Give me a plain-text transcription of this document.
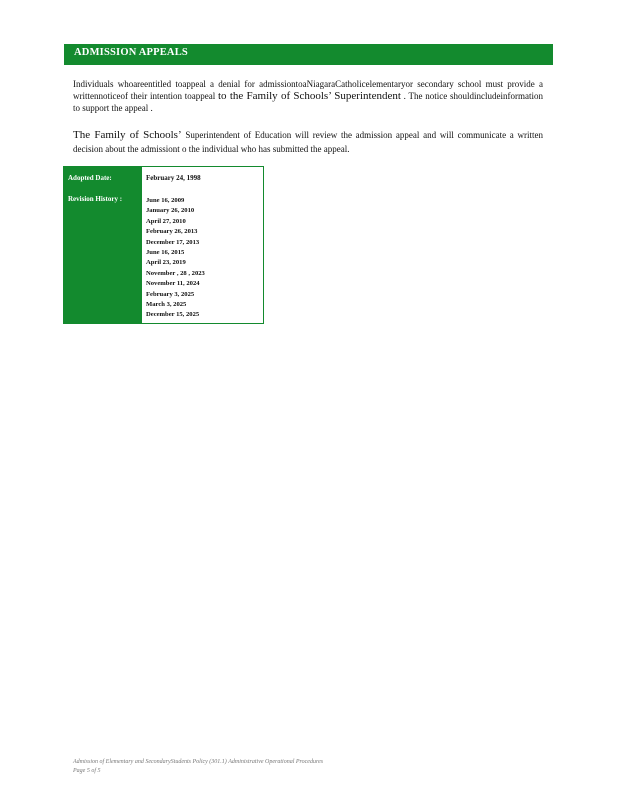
ADMISSION APPEALS
Individuals whoareentitled toappeal a denial for admissiontoaNiagaraCatholicelementaryor secondary school must provide a writtennoticeof their intention toappeal to the Family of Schools’ Superintendent . The notice shouldincludeinformation to support the appeal .
The Family of Schools’ Superintendent of Education will review the admission appeal and will communicate a written decision about the admissiont o the individual who has submitted the appeal.
Adopted Date:	February 24, 1998
Revision History :	June 16, 2009
January 26, 2010
April 27, 2010
February 26, 2013
December 17, 2013
June 16, 2015
April 23, 2019
November , 28 , 2023
November 11, 2024
February 3, 2025
March 3, 2025
December 15, 2025
Admission of Elementary and SecondaryStudents Policy (301.1) Administrative Operational Procedures
Page 5 of 5
